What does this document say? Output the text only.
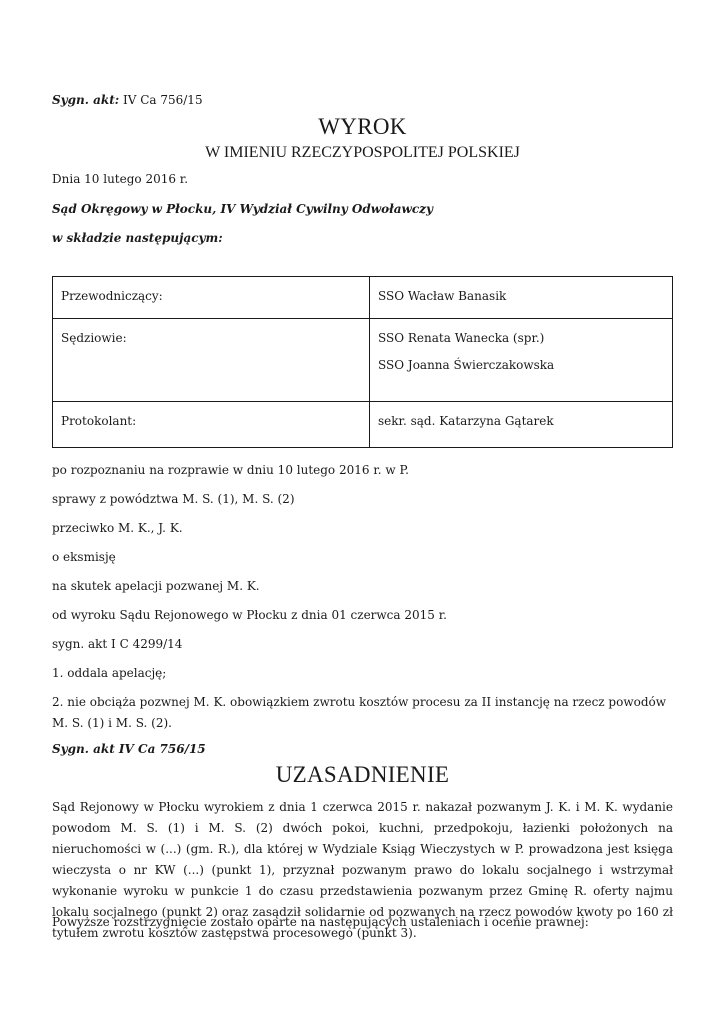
Sygn. akt: IV Ca 756/15
WYROK
W IMIENIU RZECZYPOSPOLITEJ POLSKIEJ
Dnia 10 lutego 2016 r.
Sąd Okręgowy w Płocku, IV Wydział Cywilny Odwoławczy
w składzie następującym:
Przewodniczący:	SSO Wacław Banasik
Sędziowie:	SSO Renata Wanecka (spr.)
SSO Joanna Świerczakowska

Protokolant:	sekr. sąd. Katarzyna Gątarek
po rozpoznaniu na rozprawie w dniu 10 lutego 2016 r. w P.
sprawy z powództwa M. S. (1), M. S. (2)
przeciwko M. K., J. K.
o eksmisję
na skutek apelacji pozwanej M. K.
od wyroku Sądu Rejonowego w Płocku z dnia 01 czerwca 2015 r.
sygn. akt I C 4299/14
1. oddala apelację;
2. nie obciąża pozwnej M. K. obowiązkiem zwrotu kosztów procesu za II instancję na rzecz powodów M. S. (1) i M. S. (2).
Sygn. akt IV Ca 756/15
UZASADNIENIE
Sąd Rejonowy w Płocku wyrokiem z dnia 1 czerwca 2015 r. nakazał pozwanym J. K. i M. K. wydanie powodom M. S. (1) i M. S. (2) dwóch pokoi, kuchni, przedpokoju, łazienki położonych na nieruchomości w (...) (gm. R.), dla której w Wydziale Ksiąg Wieczystych w P. prowadzona jest księga wieczysta o nr KW (...) (punkt 1), przyznał pozwanym prawo do lokalu socjalnego i wstrzymał wykonanie wyroku w punkcie 1 do czasu przedstawienia pozwanym przez Gminę R. oferty najmu lokalu socjalnego (punkt 2) oraz zasądził solidarnie od pozwanych na rzecz powodów kwoty po 160 zł tytułem zwrotu kosztów zastępstwa procesowego (punkt 3).
Powyższe rozstrzygnięcie zostało oparte na następujących ustaleniach i ocenie prawnej:
